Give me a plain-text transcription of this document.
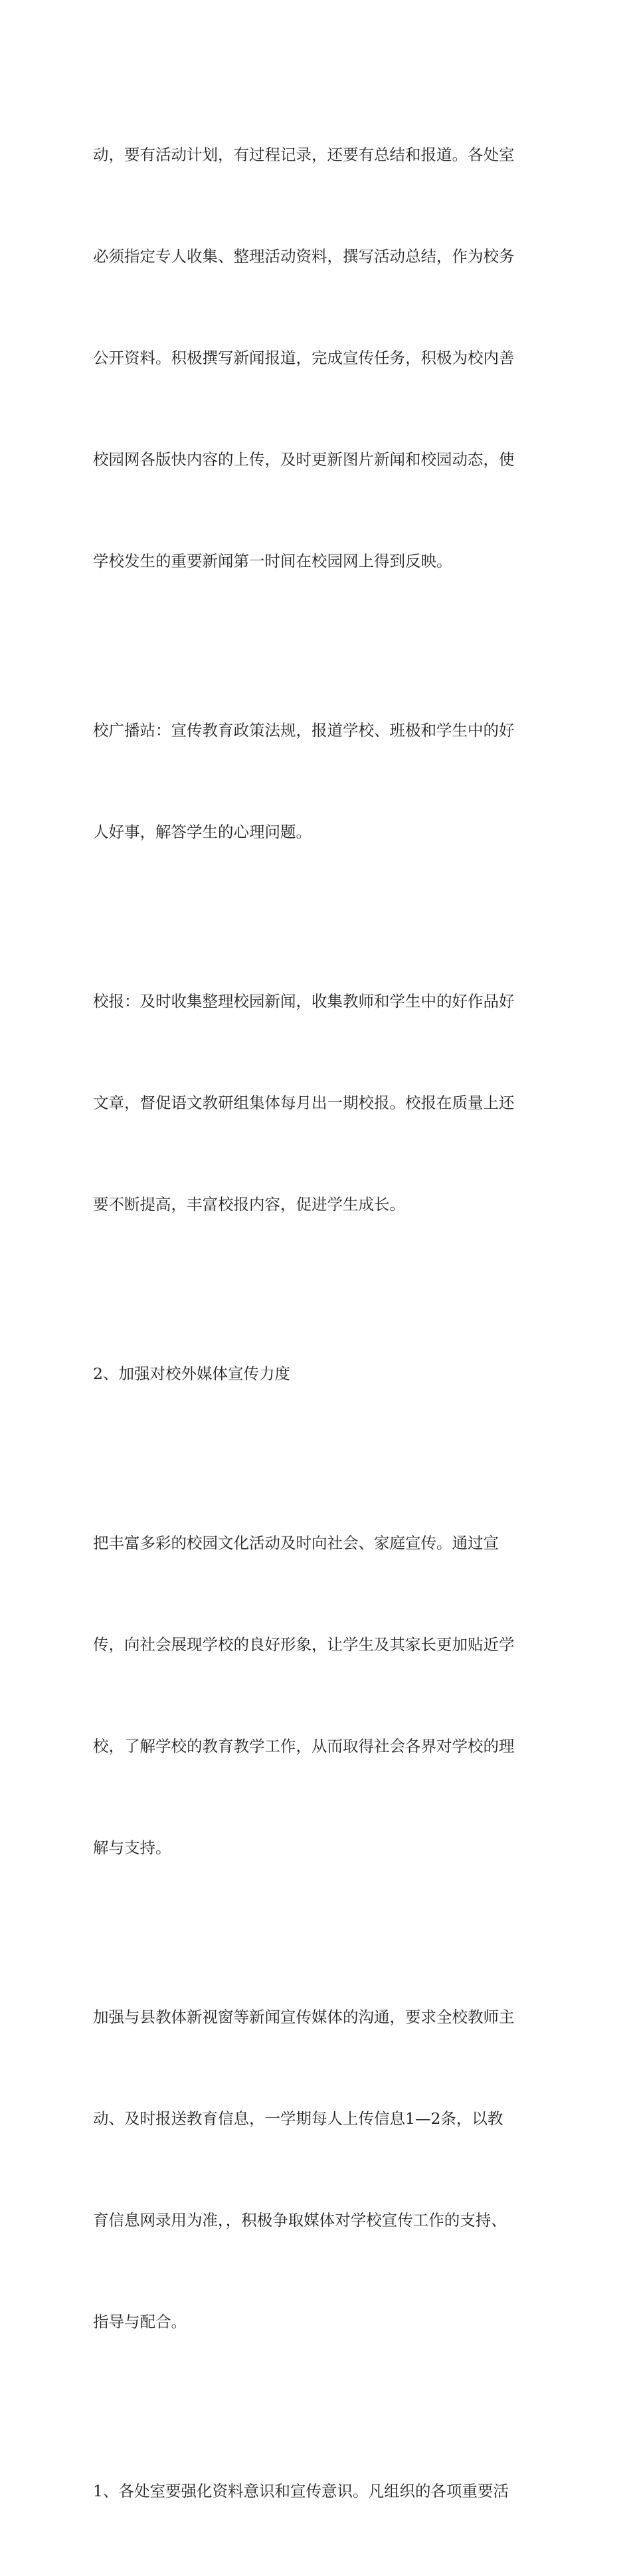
动，要有活动计划，有过程记录，还要有总结和报道。各处室

必须指定专人收集、整理活动资料，撰写活动总结，作为校务

公开资料。积极撰写新闻报道，完成宣传任务，积极为校内善

校园网各版快内容的上传，及时更新图片新闻和校园动态，使

学校发生的重要新闻第一时间在校园网上得到反映。

校广播站：宣传教育政策法规，报道学校、班极和学生中的好

人好事，解答学生的心理问题。

校报：及时收集整理校园新闻，收集教师和学生中的好作品好

文章，督促语文教研组集体每月出一期校报。校报在质量上还

要不断提高，丰富校报内容，促进学生成长。

2、加强对校外媒体宣传力度

把丰富多彩的校园文化活动及时向社会、家庭宣传。通过宣

传，向社会展现学校的良好形象，让学生及其家长更加贴近学

校，了解学校的教育教学工作，从而取得社会各界对学校的理

解与支持。

加强与县教体新视窗等新闻宣传媒体的沟通，要求全校教师主

动、及时报送教育信息，一学期每人上传信息1—2条，以教

育信息网录用为准，，积极争取媒体对学校宣传工作的支持、

指导与配合。

1、各处室要强化资料意识和宣传意识。凡组织的各项重要活
